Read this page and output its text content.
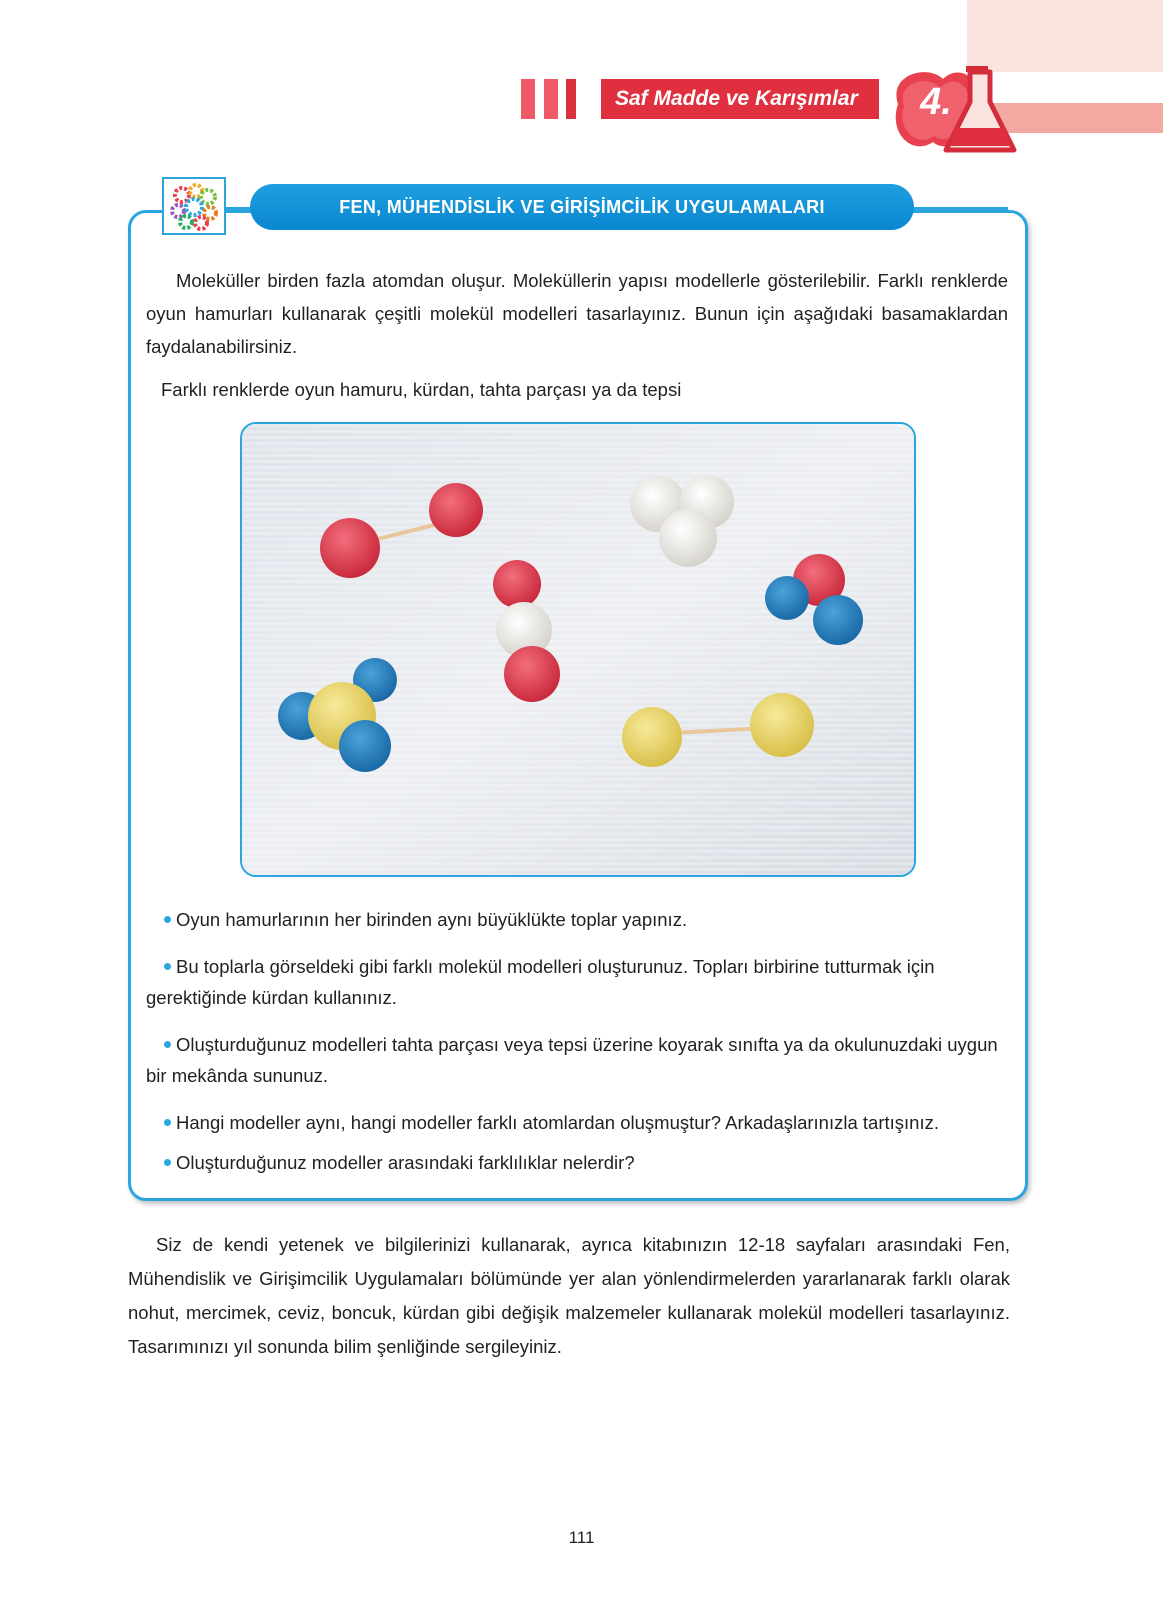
Saf Madde ve Karışımlar	4.
FEN, MÜHENDİSLİK VE GİRİŞİMCİLİK UYGULAMALARI

Moleküller birden fazla atomdan oluşur. Moleküllerin yapısı modellerle gösterilebilir. Farklı renklerde oyun hamurları kullanarak çeşitli molekül modelleri tasarlayınız. Bunun için aşağıdaki basamaklardan faydalanabilirsiniz.

Farklı renklerde oyun hamuru, kürdan, tahta parçası ya da tepsi

Oyun hamurlarının her birinden aynı büyüklükte toplar yapınız.
Bu toplarla görseldeki gibi farklı molekül modelleri oluşturunuz. Topları birbirine tutturmak için gerektiğinde kürdan kullanınız.
Oluşturduğunuz modelleri tahta parçası veya tepsi üzerine koyarak sınıfta ya da okulunuzdaki uygun bir mekânda sununuz.
Hangi modeller aynı, hangi modeller farklı atomlardan oluşmuştur? Arkadaşlarınızla tartışınız.
Oluşturduğunuz modeller arasındaki farklılıklar nelerdir?

Siz de kendi yetenek ve bilgilerinizi kullanarak, ayrıca kitabınızın 12-18 sayfaları arasındaki Fen, Mühendislik ve Girişimcilik Uygulamaları bölümünde yer alan yönlendirmelerden yararlanarak farklı olarak nohut, mercimek, ceviz, boncuk, kürdan gibi değişik malzemeler kullanarak molekül modelleri tasarlayınız. Tasarımınızı yıl sonunda bilim şenliğinde sergileyiniz.

111
